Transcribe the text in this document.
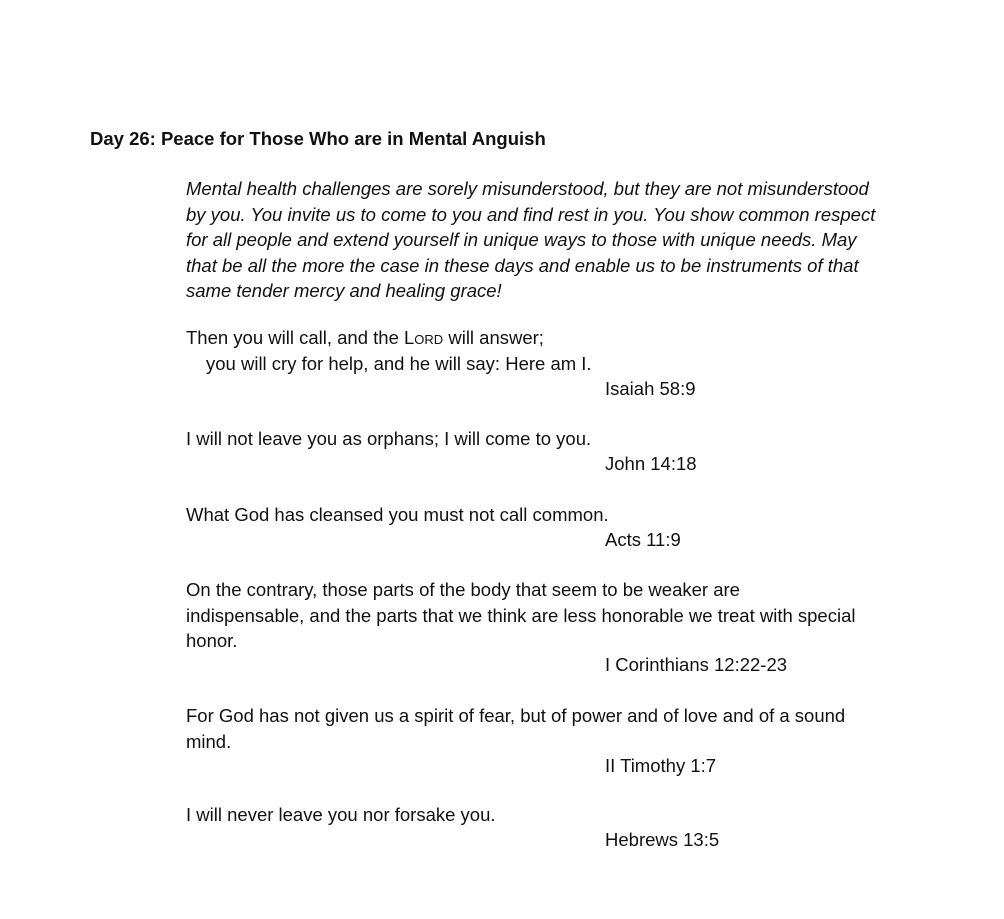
Day 26: Peace for Those Who are in Mental Anguish
Mental health challenges are sorely misunderstood, but they are not misunderstood
by you. You invite us to come to you and find rest in you. You show common respect
for all people and extend yourself in unique ways to those with unique needs. May
that be all the more the case in these days and enable us to be instruments of that
same tender mercy and healing grace!
Then you will call, and the Lord will answer;
you will cry for help, and he will say: Here am I.
Isaiah 58:9
I will not leave you as orphans; I will come to you.
John 14:18
What God has cleansed you must not call common.
Acts 11:9
On the contrary, those parts of the body that seem to be weaker are
indispensable, and the parts that we think are less honorable we treat with special
honor.
I Corinthians 12:22-23
For God has not given us a spirit of fear, but of power and of love and of a sound
mind.
II Timothy 1:7
I will never leave you nor forsake you.
Hebrews 13:5
